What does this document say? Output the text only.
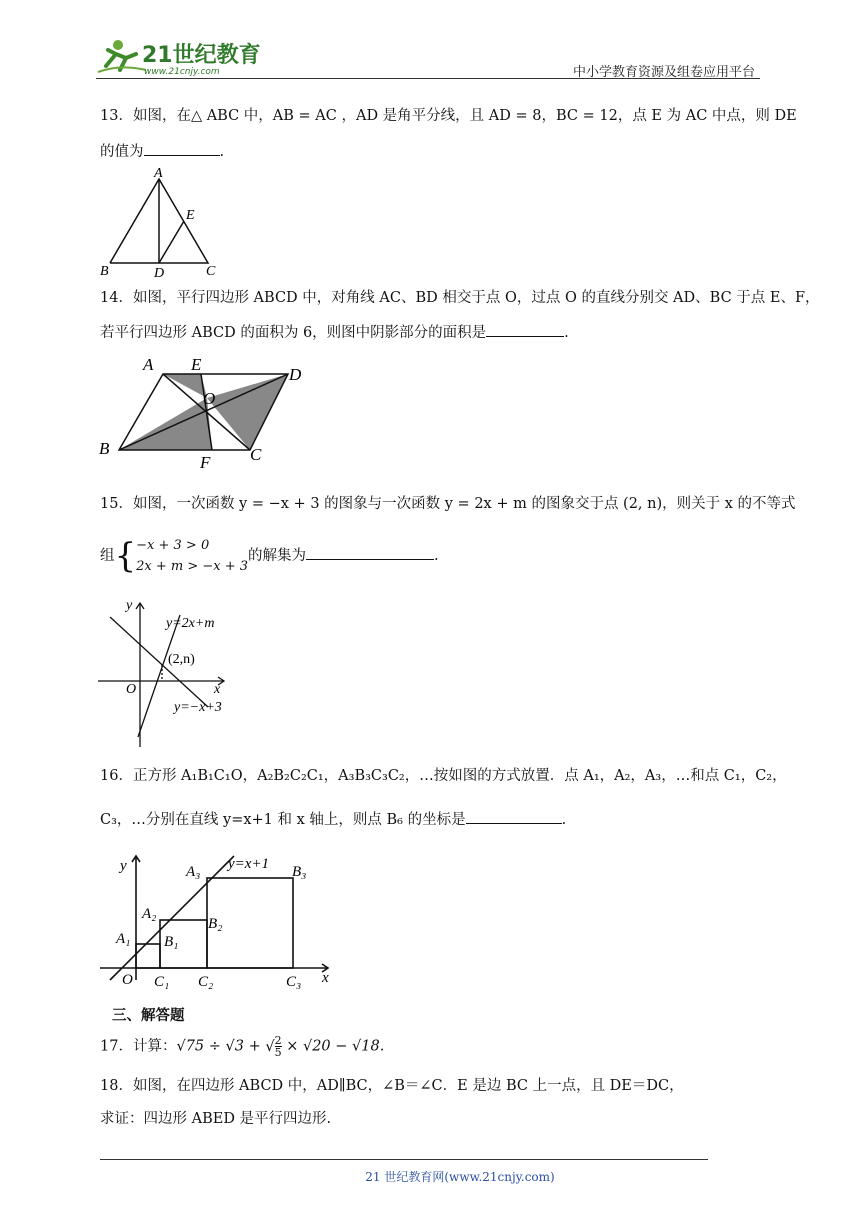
21世纪教育
www.21cnjy.com	中小学教育资源及组卷应用平台
13．如图，在△ ABC 中，AB = AC ，AD 是角平分线，且 AD = 8，BC = 12，点 E 为 AC 中点，则 DE
的值为	.
A
B	D	C
E
14．如图，平行四边形 ABCD 中，对角线 AC、BD 相交于点 O，过点 O 的直线分别交 AD、BC 于点 E、F，
若平行四边形 ABCD 的面积为 6，则图中阴影部分的面积是	.
A E
D
O
B	C
F
15．如图，一次函数 y = −x + 3 的图象与一次函数 y = 2x + m 的图象交于点 (2, n)，则关于 x 的不等式
组{−x + 3 > 0
2x + m > −x + 3的解集为	.
y
x
O
y=2x+m
(2,n)
y=−x+3
16．正方形 A₁B₁C₁O，A₂B₂C₂C₁，A₃B₃C₃C₂，…按如图的方式放置．点 A₁，A₂，A₃，…和点 C₁，C₂，
C₃，…分别在直线 y=x+1 和 x 轴上，则点 B₆ 的坐标是	.
y
x
O
y=x+1
A₁
A₂
A₃
B₁
B₂
B₃
C₁ C₂	C₃
三、解答题
17．计算：√75 ÷ √3 + √ $\frac{2}{5} \times √20 - √18$.
18．如图，在四边形 ABCD 中，AD∥BC，∠B＝∠C．E 是边 BC 上一点，且 DE＝DC，
求证：四边形 ABED 是平行四边形.
21 世纪教育网(www.21cnjy.com)
